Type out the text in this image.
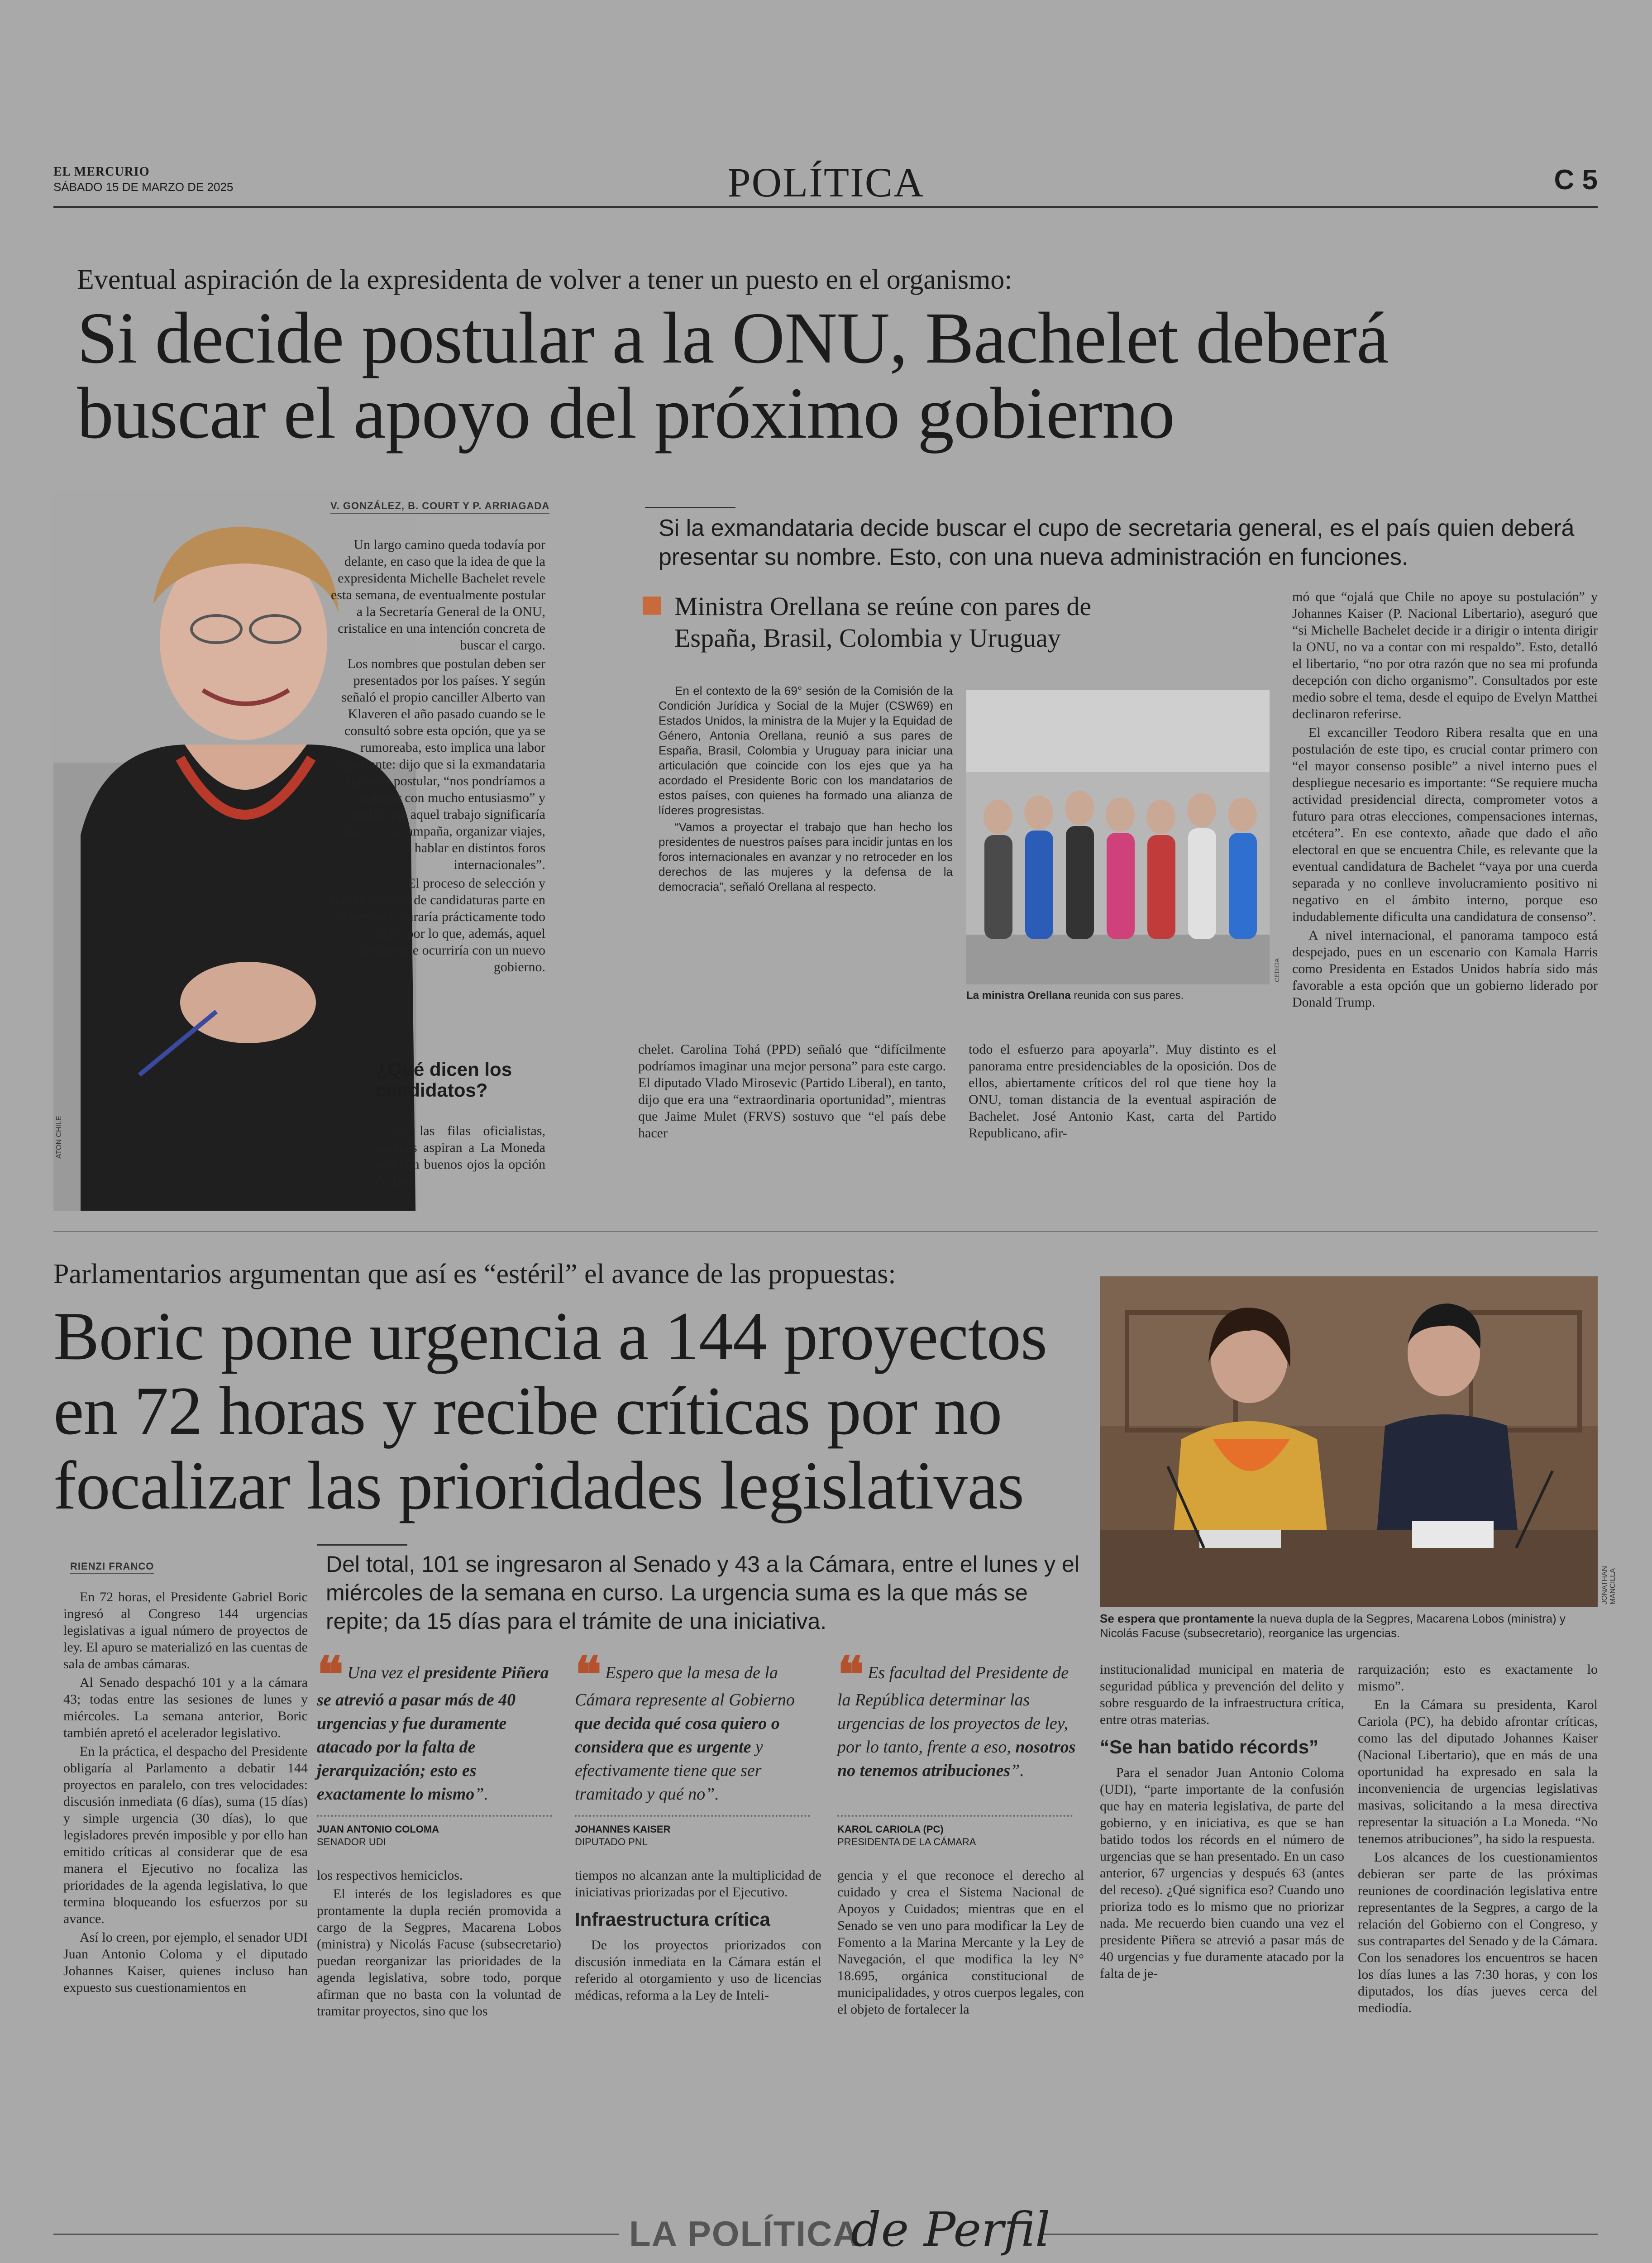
EL MERCURIO
SÁBADO 15 DE MARZO DE 2025	POLÍTICA	C 5
Eventual aspiración de la expresidenta de volver a tener un puesto en el organismo:
Si decide postular a la ONU, Bachelet deberá buscar el apoyo del próximo gobierno
ATON CHILE
V. GONZÁLEZ, B. COURT Y P. ARRIAGADA

Un largo camino queda todavía por delante, en caso que la idea de que la expresidenta Michelle Bachelet revele esta semana, de eventualmente postular a la Secretaría General de la ONU, cristalice en una intención concreta de buscar el cargo.

Los nombres que postulan deben ser presentados por los países. Y según señaló el propio canciller Alberto van Klaveren el año pasado cuando se le consultó sobre esta opción, que ya se rumoreaba, esto implica una labor importante: dijo que si la exmandataria quisiera postular, “nos pondríamos a trabajar con mucho entusiasmo” y detalló que aquel trabajo significaría “hacer una campaña, organizar viajes, hablar en distintos foros internacionales”.

El proceso de selección y nombramiento de candidaturas parte en diciembre y duraría prácticamente todo 2026, por lo que, además, aquel despliegue ocurriría con un nuevo gobierno.

¿Qué dicen los candidatos?

En las filas oficialistas, quienes aspiran a La Moneda ven con buenos ojos la opción de Ba-

Si la exmandataria decide buscar el cupo de secretaria general, es el país quien deberá presentar su nombre. Esto, con una nueva administración en funciones.
Ministra Orellana se reúne con pares de España, Brasil, Colombia y Uruguay

En el contexto de la 69° sesión de la Comisión de la Condición Jurídica y Social de la Mujer (CSW69) en Estados Unidos, la ministra de la Mujer y la Equidad de Género, Antonia Orellana, reunió a sus pares de España, Brasil, Colombia y Uruguay para iniciar una articulación que coincide con los ejes que ya ha acordado el Presidente Boric con los mandatarios de estos países, con quienes ha formado una alianza de líderes progresistas.

“Vamos a proyectar el trabajo que han hecho los presidentes de nuestros países para incidir juntas en los foros internacionales en avanzar y no retroceder en los derechos de las mujeres y la defensa de la democracia”, señaló Orellana al respecto.

CEDIDA
La ministra Orellana reunida con sus pares.

chelet. Carolina Tohá (PPD) señaló que “difícilmente podríamos imaginar una mejor persona” para este cargo. El diputado Vlado Mirosevic (Partido Liberal), en tanto, dijo que era una “extraordinaria oportunidad”, mientras que Jaime Mulet (FRVS) sostuvo que “el país debe hacer

todo el esfuerzo para apoyarla”. Muy distinto es el panorama entre presidenciables de la oposición. Dos de ellos, abiertamente críticos del rol que tiene hoy la ONU, toman distancia de la eventual aspiración de Bachelet. José Antonio Kast, carta del Partido Republicano, afir-

mó que “ojalá que Chile no apoye su postulación” y Johannes Kaiser (P. Nacional Libertario), aseguró que “si Michelle Bachelet decide ir a dirigir o intenta dirigir la ONU, no va a contar con mi respaldo”. Esto, detalló el libertario, “no por otra razón que no sea mi profunda decepción con dicho organismo”. Consultados por este medio sobre el tema, desde el equipo de Evelyn Matthei declinaron referirse.

El excanciller Teodoro Ribera resalta que en una postulación de este tipo, es crucial contar primero con “el mayor consenso posible” a nivel interno pues el despliegue necesario es importante: “Se requiere mucha actividad presidencial directa, comprometer votos a futuro para otras elecciones, compensaciones internas, etcétera”. En ese contexto, añade que dado el año electoral en que se encuentra Chile, es relevante que la eventual candidatura de Bachelet “vaya por una cuerda separada y no conlleve involucramiento positivo ni negativo en el ámbito interno, porque eso indudablemente dificulta una candidatura de consenso”.

A nivel internacional, el panorama tampoco está despejado, pues en un escenario con Kamala Harris como Presidenta en Estados Unidos habría sido más favorable a esta opción que un gobierno liderado por Donald Trump.

Parlamentarios argumentan que así es “estéril” el avance de las propuestas:
Boric pone urgencia a 144 proyectos en 72 horas y recibe críticas por no focalizar las prioridades legislativas
JONATHAN MANCILLA
Se espera que prontamente la nueva dupla de la Segpres, Macarena Lobos (ministra) y Nicolás Facuse (subsecretario), reorganice las urgencias.
RIENZI FRANCO	Del total, 101 se ingresaron al Senado y 43 a la Cámara, entre el lunes y el miércoles de la semana en curso. La urgencia suma es la que más se repite; da 15 días para el trámite de una iniciativa.

En 72 horas, el Presidente Gabriel Boric ingresó al Congreso 144 urgencias legislativas a igual número de proyectos de ley. El apuro se materializó en las cuentas de sala de ambas cámaras.

Al Senado despachó 101 y a la cámara 43; todas entre las sesiones de lunes y miércoles. La semana anterior, Boric también apretó el acelerador legislativo.

En la práctica, el despacho del Presidente obligaría al Parlamento a debatir 144 proyectos en paralelo, con tres velocidades: discusión inmediata (6 días), suma (15 días) y simple urgencia (30 días), lo que legisladores prevén imposible y por ello han emitido críticas al considerar que de esa manera el Ejecutivo no focaliza las prioridades de la agenda legislativa, lo que termina bloqueando los esfuerzos por su avance.

Así lo creen, por ejemplo, el senador UDI Juan Antonio Coloma y el diputado Johannes Kaiser, quienes incluso han expuesto sus cuestionamientos en

❝ Una vez el presidente Piñera se atrevió a pasar más de 40 urgencias y fue duramente atacado por la falta de jerarquización; esto es exactamente lo mismo”.
JUAN ANTONIO COLOMA
SENADOR UDI
❝ Espero que la mesa de la Cámara represente al Gobierno que decida qué cosa quiero o considera que es urgente y efectivamente tiene que ser tramitado y qué no”.
JOHANNES KAISER
DIPUTADO PNL
❝ Es facultad del Presidente de la República determinar las urgencias de los proyectos de ley, por lo tanto, frente a eso, nosotros no tenemos atribuciones”.
KAROL CARIOLA (PC)
PRESIDENTA DE LA CÁMARA

los respectivos hemiciclos.

El interés de los legisladores es que prontamente la dupla recién promovida a cargo de la Segpres, Macarena Lobos (ministra) y Nicolás Facuse (subsecretario) puedan reorganizar las prioridades de la agenda legislativa, sobre todo, porque afirman que no basta con la voluntad de tramitar proyectos, sino que los

tiempos no alcanzan ante la multiplicidad de iniciativas priorizadas por el Ejecutivo.

Infraestructura crítica

De los proyectos priorizados con discusión inmediata en la Cámara están el referido al otorgamiento y uso de licencias médicas, reforma a la Ley de Inteli-

gencia y el que reconoce el derecho al cuidado y crea el Sistema Nacional de Apoyos y Cuidados; mientras que en el Senado se ven uno para modificar la Ley de Fomento a la Marina Mercante y la Ley de Navegación, el que modifica la ley N° 18.695, orgánica constitucional de municipalidades, y otros cuerpos legales, con el objeto de fortalecer la

institucionalidad municipal en materia de seguridad pública y prevención del delito y sobre resguardo de la infraestructura crítica, entre otras materias.

“Se han batido récords”

Para el senador Juan Antonio Coloma (UDI), “parte importante de la confusión que hay en materia legislativa, de parte del gobierno, y en iniciativa, es que se han batido todos los récords en el número de urgencias que se han presentado. En un caso anterior, 67 urgencias y después 63 (antes del receso). ¿Qué significa eso? Cuando uno prioriza todo es lo mismo que no priorizar nada. Me recuerdo bien cuando una vez el presidente Piñera se atrevió a pasar más de 40 urgencias y fue duramente atacado por la falta de je-

rarquización; esto es exactamente lo mismo”.

En la Cámara su presidenta, Karol Cariola (PC), ha debido afrontar críticas, como las del diputado Johannes Kaiser (Nacional Libertario), que en más de una oportunidad ha expresado en sala la inconveniencia de urgencias legislativas masivas, solicitando a la mesa directiva representar la situación a La Moneda. “No tenemos atribuciones”, ha sido la respuesta.

Los alcances de los cuestionamientos debieran ser parte de las próximas reuniones de coordinación legislativa entre representantes de la Segpres, a cargo de la relación del Gobierno con el Congreso, y sus contrapartes del Senado y de la Cámara. Con los senadores los encuentros se hacen los días lunes a las 7:30 horas, y con los diputados, los días jueves cerca del mediodía.

LA POLÍTICA
de Perfil
